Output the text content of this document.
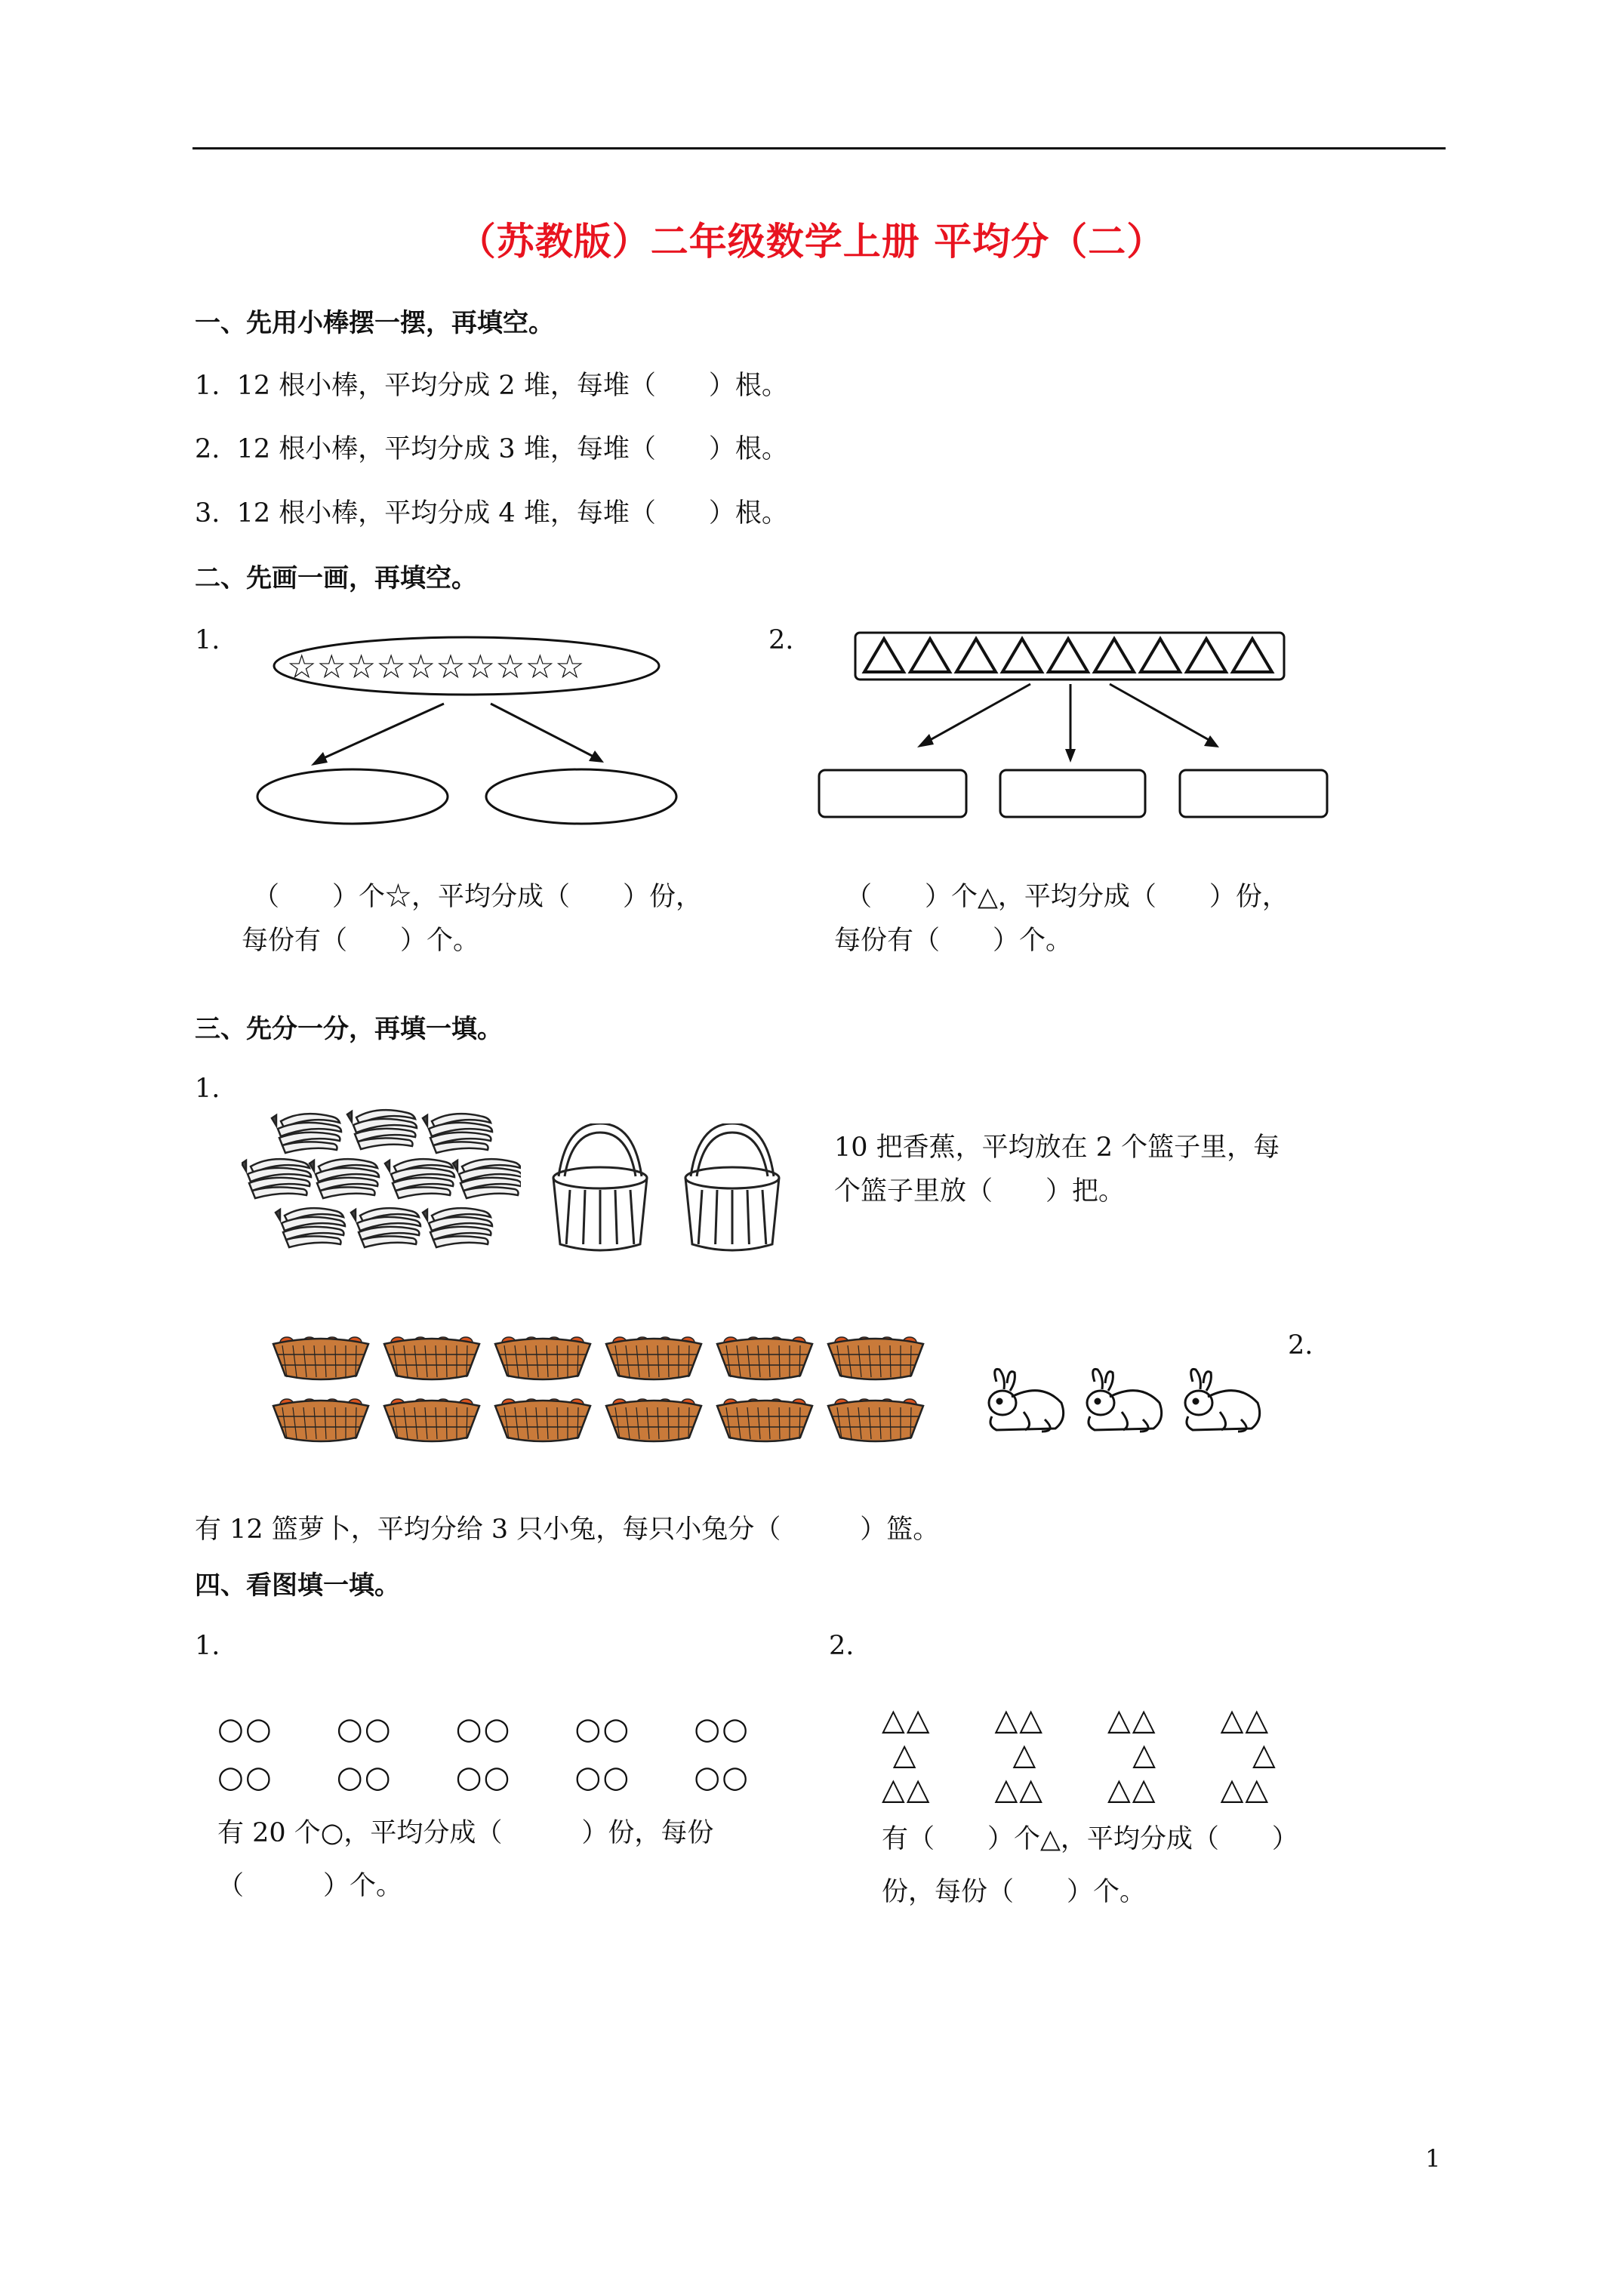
（苏教版）二年级数学上册 平均分（二）
一、先用小棒摆一摆，再填空。
1.  12 根小棒，平均分成 2 堆，每堆（　　）根。
2.  12 根小棒，平均分成 3 堆，每堆（　　）根。
3.  12 根小棒，平均分成 4 堆，每堆（　　）根。
二、先画一画，再填空。
1.	2.
☆☆☆☆☆☆☆☆☆☆
（　　）个☆，平均分成（　　）份，
每份有（　　）个。
（　　）个△，平均分成（　　）份，
每份有（　　）个。
三、先分一分，再填一填。
1.
10 把香蕉，平均放在 2 个篮子里，每
个篮子里放（　　）把。
2.
有 12 篮萝卜，平均分给 3 只小兔，每只小兔分（　　　）篮。
四、看图填一填。
1.	2.
○○　　○○　　○○　　○○　　○○
○○　　○○　　○○　　○○　　○○
有 20 个○，平均分成（　　　）份，每份
（　　　）个。
△△　　△△　　△△　　△△
△　　　△　　　△　　　△
△△　　△△　　△△　　△△
有（　　）个△，平均分成（　　）
份，每份（　　）个。
1
